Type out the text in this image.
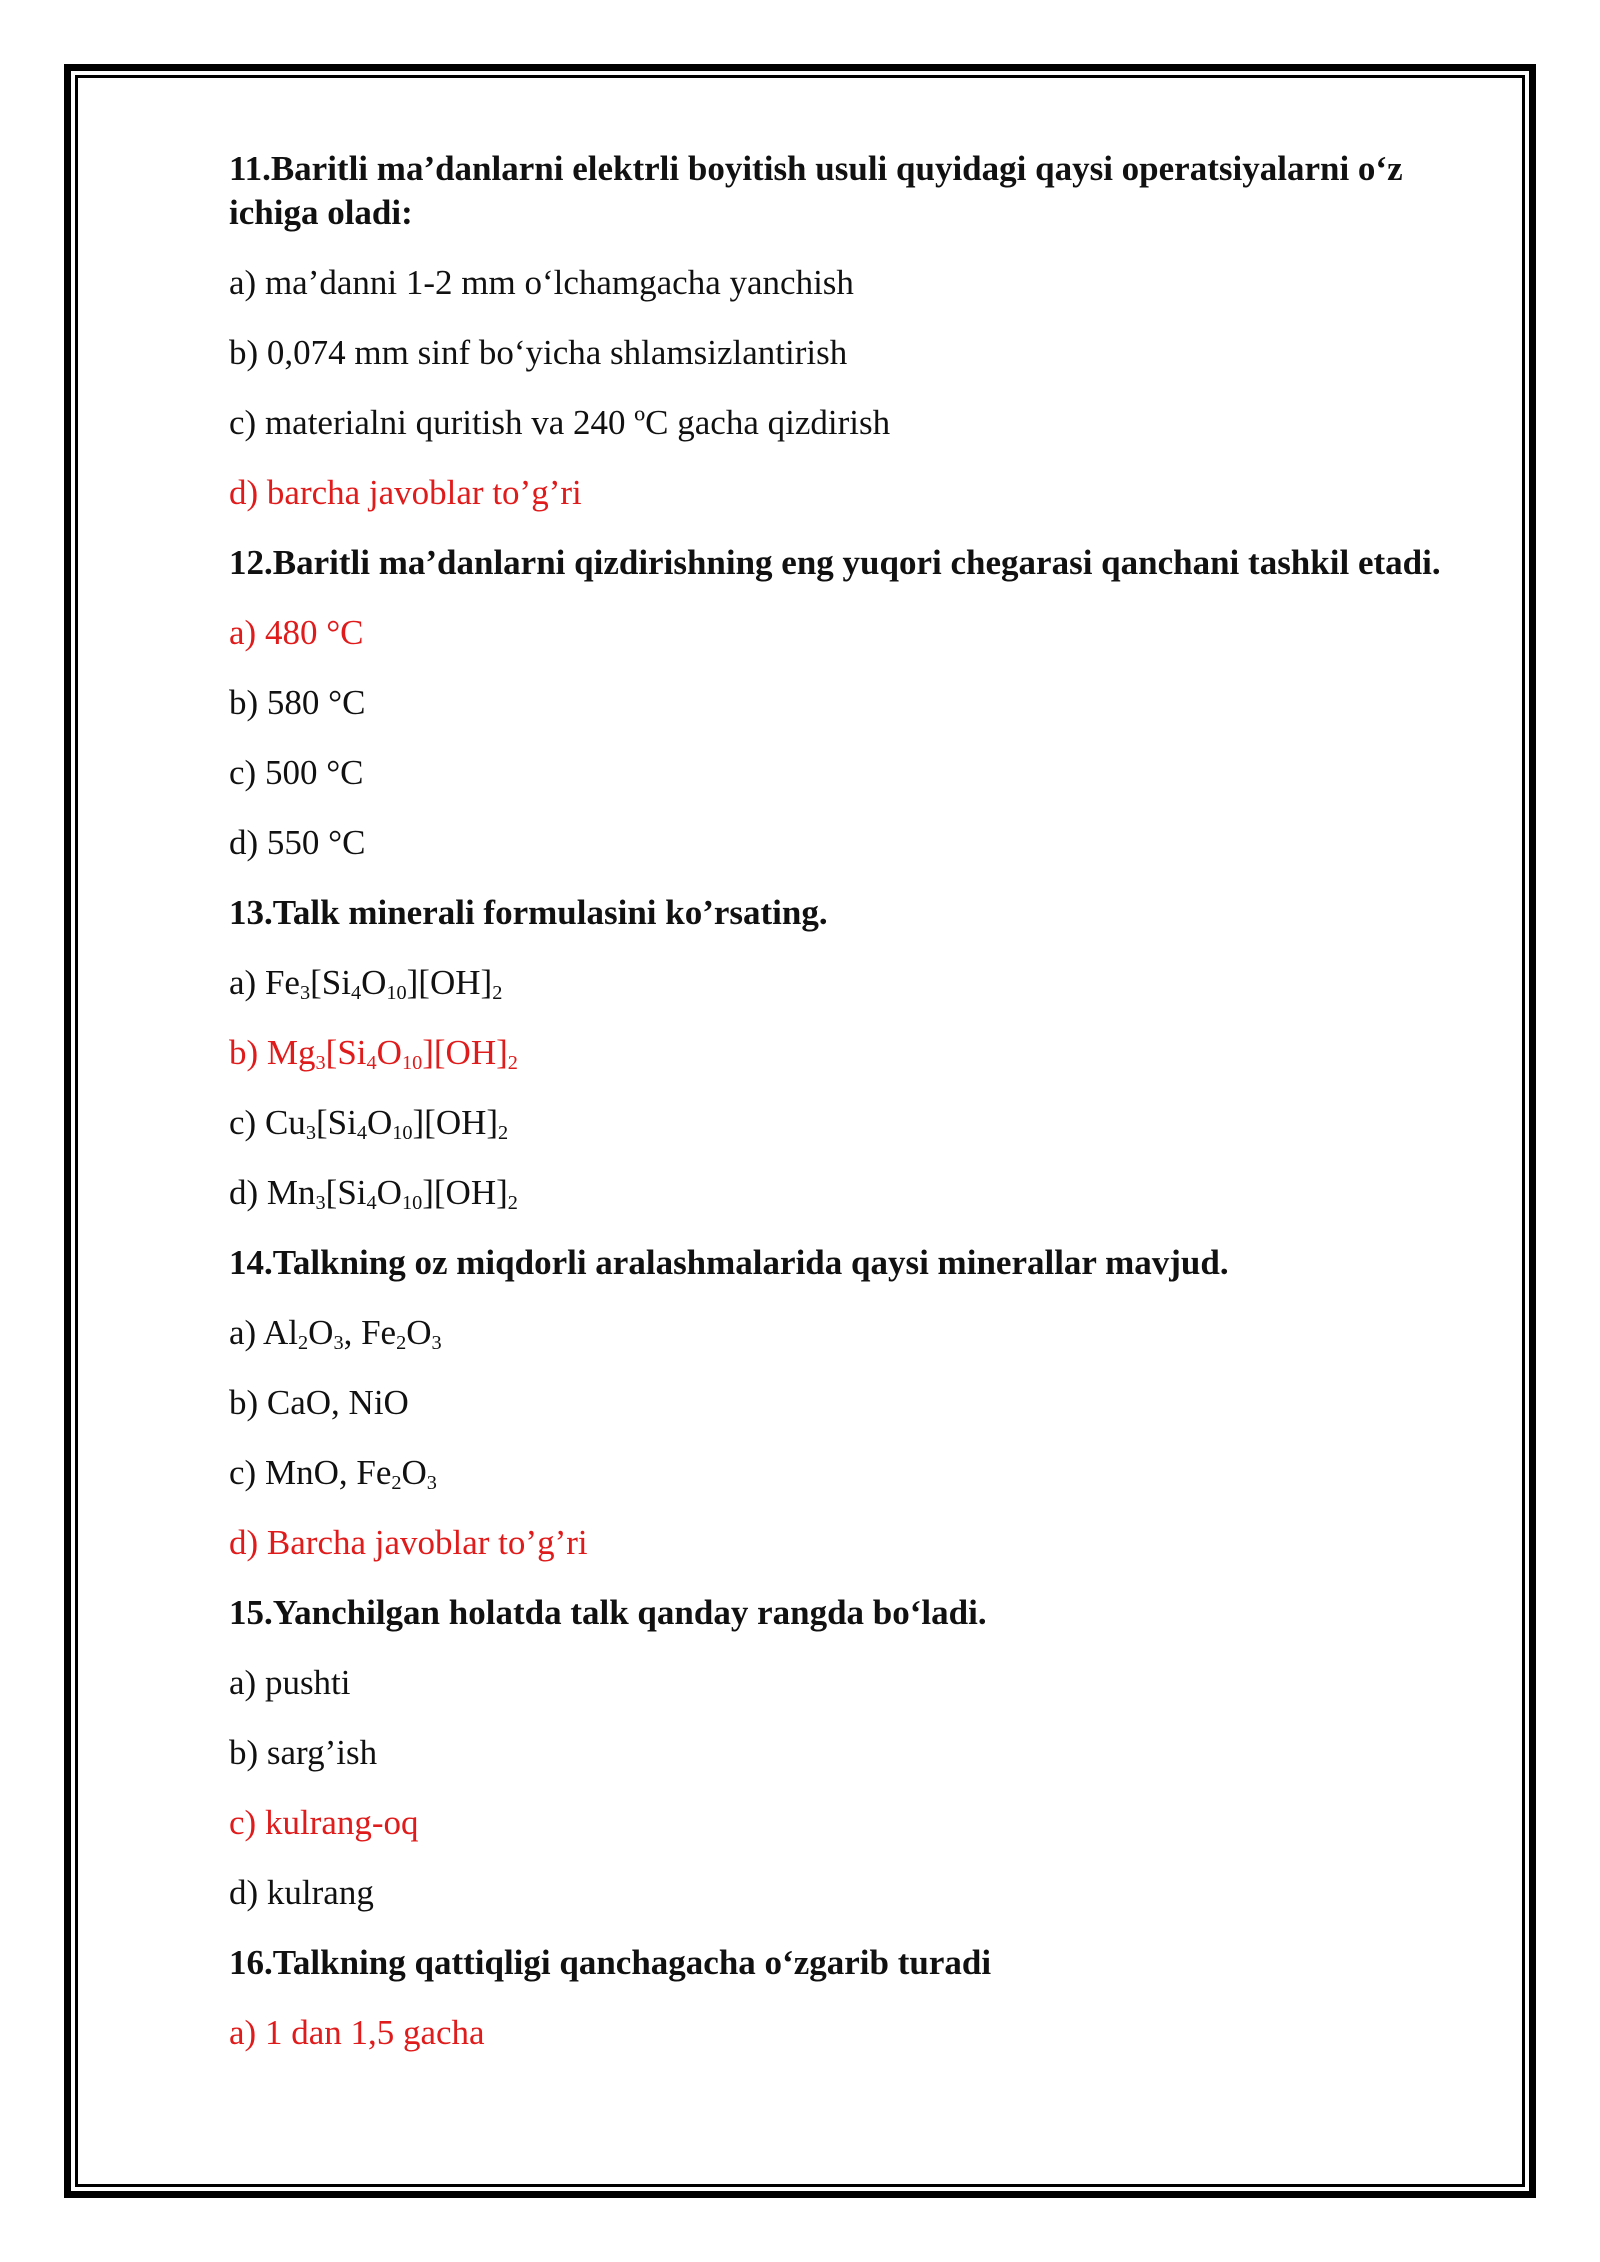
11.Baritli ma’danlarni elektrli boyitish usuli quyidagi qaysi operatsiyalarni o‘z ichiga oladi:
a) ma’danni 1-2 mm o‘lchamgacha yanchish
b) 0,074 mm sinf bo‘yicha shlamsizlantirish
c) materialni quritish va 240 ºC gacha qizdirish
d) barcha javoblar to’g’ri
12.Baritli ma’danlarni qizdirishning eng yuqori chegarasi qanchani tashkil etadi.
a) 480 °C
b) 580 °C
c) 500 °C
d) 550 °C
13.Talk minerali formulasini ko’rsating.
a) $Fe_3[Si_4O_{10}][OH]_2$
b) $Mg_3[Si_4O_{10}][OH]_2$
c) $Cu_3[Si_4O_{10}][OH]_2$
d) $Mn_3[Si_4O_{10}][OH]_2$
14.Talkning oz miqdorli aralashmalarida qaysi minerallar mavjud.
a) $Al_2O_3$, $Fe_2O_3$
b) CaO, NiO
c) MnO, $Fe_2O_3$
d) Barcha javoblar to’g’ri
15.Yanchilgan holatda talk qanday rangda bo‘ladi.
a) pushti
b) sarg’ish
c) kulrang-oq
d) kulrang
16.Talkning qattiqligi qanchagacha o‘zgarib turadi
a) 1 dan 1,5 gacha
